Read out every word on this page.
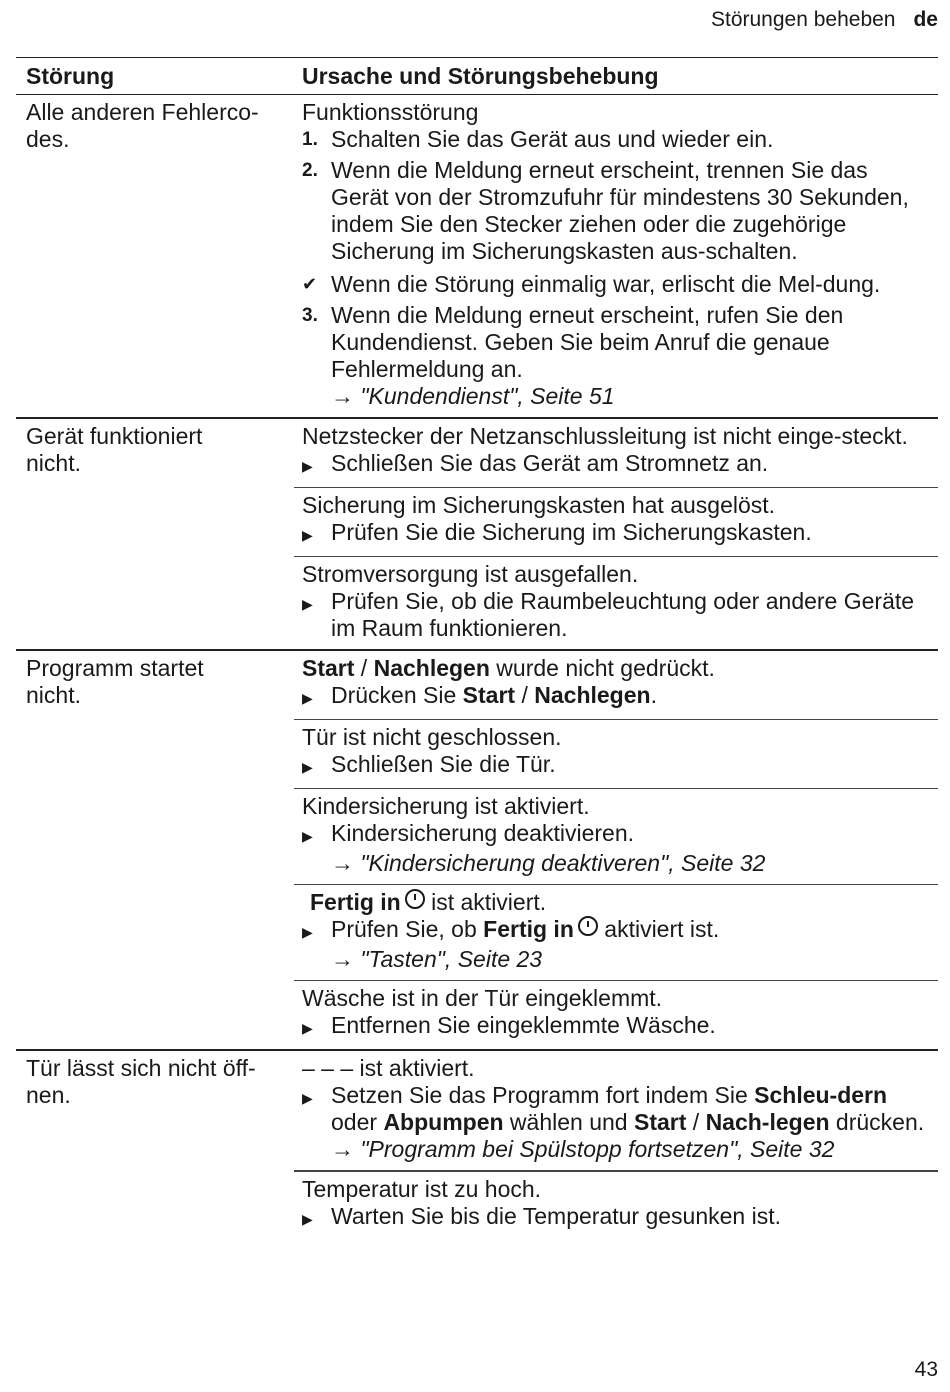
Störungen beheben de
Störung	Ursache und Störungsbehebung
Alle anderen Fehlerco-
des.
Funktionsstörung
1. Schalten Sie das Gerät aus und wieder ein.
2. Wenn die Meldung erneut erscheint, trennen Sie das Gerät von der Stromzufuhr für mindestens 30 Sekunden, indem Sie den Stecker ziehen oder die zugehörige Sicherung im Sicherungskasten aus-schalten.
✔ Wenn die Störung einmalig war, erlischt die Mel-dung.
3. Wenn die Meldung erneut erscheint, rufen Sie den Kundendienst. Geben Sie beim Anruf die genaue Fehlermeldung an.
→ "Kundendienst", Seite 51
Gerät funktioniert
nicht.
Netzstecker der Netzanschlussleitung ist nicht einge-steckt.
▶ Schließen Sie das Gerät am Stromnetz an.
Sicherung im Sicherungskasten hat ausgelöst.
▶ Prüfen Sie die Sicherung im Sicherungskasten.
Stromversorgung ist ausgefallen.
▶ Prüfen Sie, ob die Raumbeleuchtung oder andere Geräte im Raum funktionieren.
Programm startet
nicht.
Start / Nachlegen wurde nicht gedrückt.
▶ Drücken Sie Start / Nachlegen.
Tür ist nicht geschlossen.
▶ Schließen Sie die Tür.
Kindersicherung ist aktiviert.
▶ Kindersicherung deaktivieren.
→ "Kindersicherung deaktiveren", Seite 32
Fertig in ist aktiviert.
▶ Prüfen Sie, ob Fertig in aktiviert ist.
→ "Tasten", Seite 23
Wäsche ist in der Tür eingeklemmt.
▶ Entfernen Sie eingeklemmte Wäsche.
Tür lässt sich nicht öff-
nen.
– – – ist aktiviert.
▶ Setzen Sie das Programm fort indem Sie Schleu-dern oder Abpumpen wählen und Start / Nach-legen drücken.
→ "Programm bei Spülstopp fortsetzen", Seite 32
Temperatur ist zu hoch.
▶ Warten Sie bis die Temperatur gesunken ist.
43
